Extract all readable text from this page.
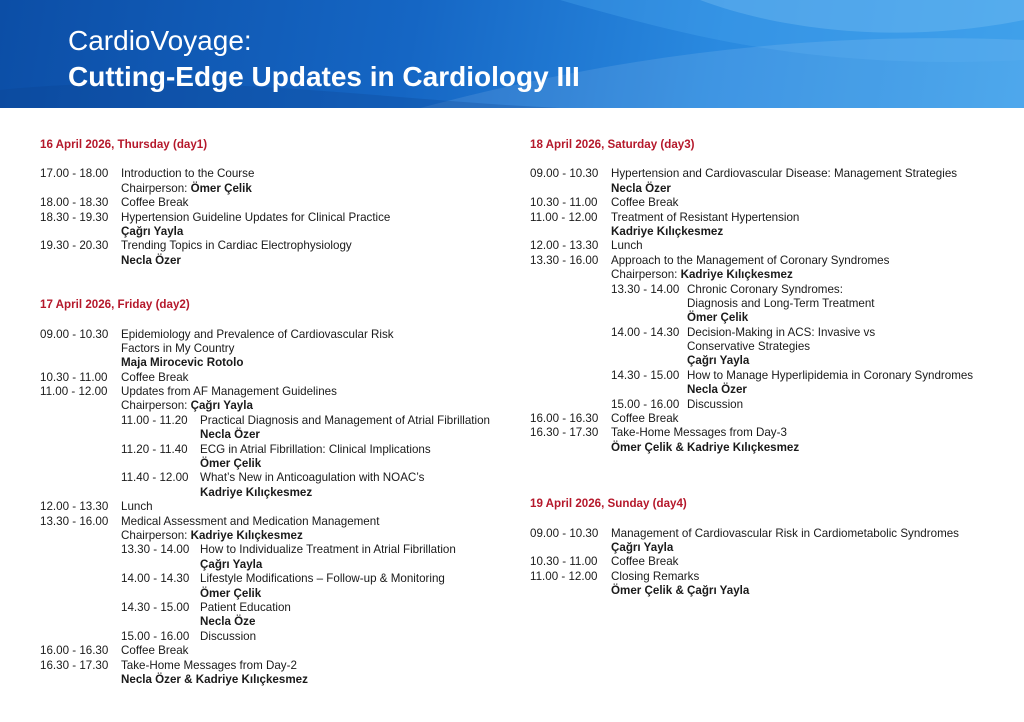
CardioVoyage:
Cutting-Edge Updates in Cardiology III
16 April 2026, Thursday (day1)
17.00 - 18.00 Introduction to the Course
Chairperson: Ömer Çelik
18.00 - 18.30 Coffee Break
18.30 - 19.30 Hypertension Guideline Updates for Clinical Practice
Çağrı Yayla
19.30 - 20.30 Trending Topics in Cardiac Electrophysiology
Necla Özer
17 April 2026, Friday (day2)
09.00 - 10.30 Epidemiology and Prevalence of Cardiovascular Risk
Factors in My Country
Maja Mirocevic Rotolo
10.30 - 11.00 Coffee Break
11.00 - 12.00 Updates from AF Management Guidelines
Chairperson: Çağrı Yayla
11.00 - 11.20 Practical Diagnosis and Management of Atrial Fibrillation
Necla Özer
11.20 - 11.40 ECG in Atrial Fibrillation: Clinical Implications
Ömer Çelik
11.40 - 12.00 What’s New in Anticoagulation with NOAC’s
Kadriye Kılıçkesmez
12.00 - 13.30 Lunch
13.30 - 16.00 Medical Assessment and Medication Management
Chairperson: Kadriye Kılıçkesmez
13.30 - 14.00 How to Individualize Treatment in Atrial Fibrillation
Çağrı Yayla
14.00 - 14.30 Lifestyle Modifications – Follow-up & Monitoring
Ömer Çelik
14.30 - 15.00 Patient Education
Necla Öze
15.00 - 16.00 Discussion
16.00 - 16.30 Coffee Break
16.30 - 17.30 Take-Home Messages from Day-2
Necla Özer & Kadriye Kılıçkesmez
18 April 2026, Saturday (day3)
09.00 - 10.30 Hypertension and Cardiovascular Disease: Management Strategies
Necla Özer
10.30 - 11.00 Coffee Break
11.00 - 12.00 Treatment of Resistant Hypertension
Kadriye Kılıçkesmez
12.00 - 13.30 Lunch
13.30 - 16.00 Approach to the Management of Coronary Syndromes
Chairperson: Kadriye Kılıçkesmez
13.30 - 14.00 Chronic Coronary Syndromes:
Diagnosis and Long-Term Treatment
Ömer Çelik
14.00 - 14.30 Decision-Making in ACS: Invasive vs
Conservative Strategies
Çağrı Yayla
14.30 - 15.00 How to Manage Hyperlipidemia in Coronary Syndromes
Necla Özer
15.00 - 16.00 Discussion
16.00 - 16.30 Coffee Break
16.30 - 17.30 Take-Home Messages from Day-3
Ömer Çelik & Kadriye Kılıçkesmez
19 April 2026, Sunday (day4)
09.00 - 10.30 Management of Cardiovascular Risk in Cardiometabolic Syndromes
Çağrı Yayla
10.30 - 11.00 Coffee Break
11.00 - 12.00 Closing Remarks
Ömer Çelik & Çağrı Yayla
